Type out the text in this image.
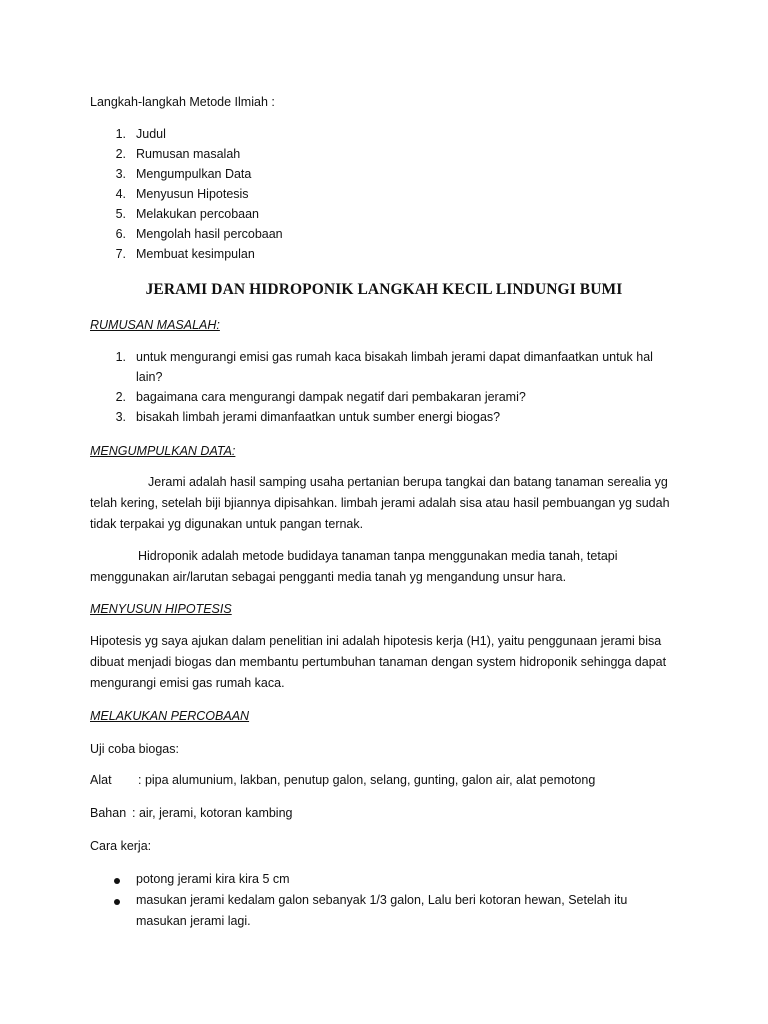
Langkah-langkah Metode Ilmiah :
1. Judul
2. Rumusan masalah
3. Mengumpulkan Data
4. Menyusun Hipotesis
5. Melakukan percobaan
6. Mengolah hasil percobaan
7. Membuat kesimpulan
JERAMI DAN HIDROPONIK LANGKAH KECIL LINDUNGI BUMI
RUMUSAN MASALAH:
1. untuk mengurangi emisi gas rumah kaca bisakah limbah jerami dapat dimanfaatkan untuk hal
lain?
2. bagaimana cara mengurangi dampak negatif dari pembakaran jerami?
3. bisakah limbah jerami dimanfaatkan untuk sumber energi biogas?
MENGUMPULKAN DATA:
Jerami adalah hasil samping usaha pertanian berupa tangkai dan batang tanaman serealia yg
telah kering, setelah biji bjiannya dipisahkan. limbah jerami adalah sisa atau hasil pembuangan yg sudah
tidak terpakai yg digunakan untuk pangan ternak.
Hidroponik adalah metode budidaya tanaman tanpa menggunakan media tanah, tetapi
menggunakan air/larutan sebagai pengganti media tanah yg mengandung unsur hara.
MENYUSUN HIPOTESIS
Hipotesis yg saya ajukan dalam penelitian ini adalah hipotesis kerja (H1), yaitu penggunaan jerami bisa
dibuat menjadi biogas dan membantu pertumbuhan tanaman dengan system hidroponik sehingga dapat
mengurangi emisi gas rumah kaca.
MELAKUKAN PERCOBAAN
Uji coba biogas:
Alat : pipa alumunium, lakban, penutup galon, selang, gunting, galon air, alat pemotong
Bahan : air, jerami, kotoran kambing
Cara kerja:
potong jerami kira kira 5 cm
masukan jerami kedalam galon sebanyak 1/3 galon, Lalu beri kotoran hewan, Setelah itu
masukan jerami lagi.
